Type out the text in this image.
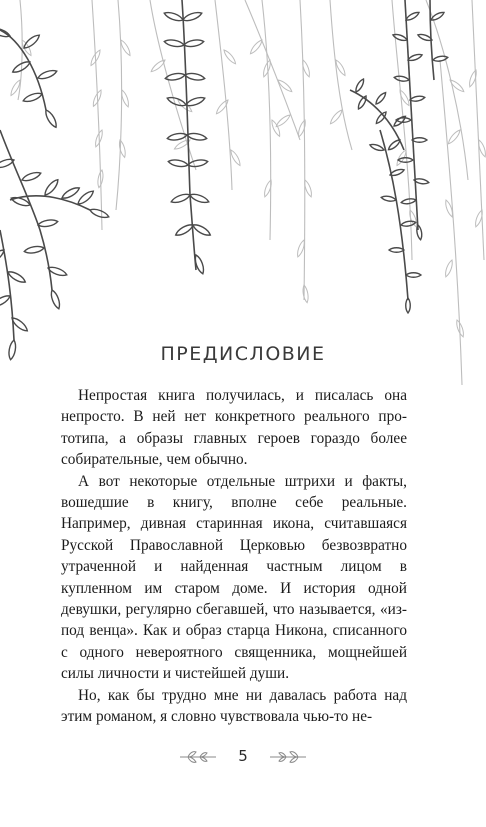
ПРЕДИСЛОВИЕ

Непростая книга получилась, и писалась она непросто. В ней нет конкретного реального прототипа, а образы главных героев гораздо более собирательные, чем обычно.

А вот некоторые отдельные штрихи и факты, вошедшие в книгу, вполне себе реальные. Например, дивная старинная икона, считавшаяся Русской Православной Церковью безвозвратно утраченной и найденная частным лицом в купленном им старом доме. И история одной девушки, регулярно сбегавшей, что называется, «из-под венца». Как и образ старца Никона, списанного с одного невероятного священника, мощнейшей силы личности и чистейшей души.

Но, как бы трудно мне ни давалась работа над этим романом, я словно чувствовала чью-то не-

5
